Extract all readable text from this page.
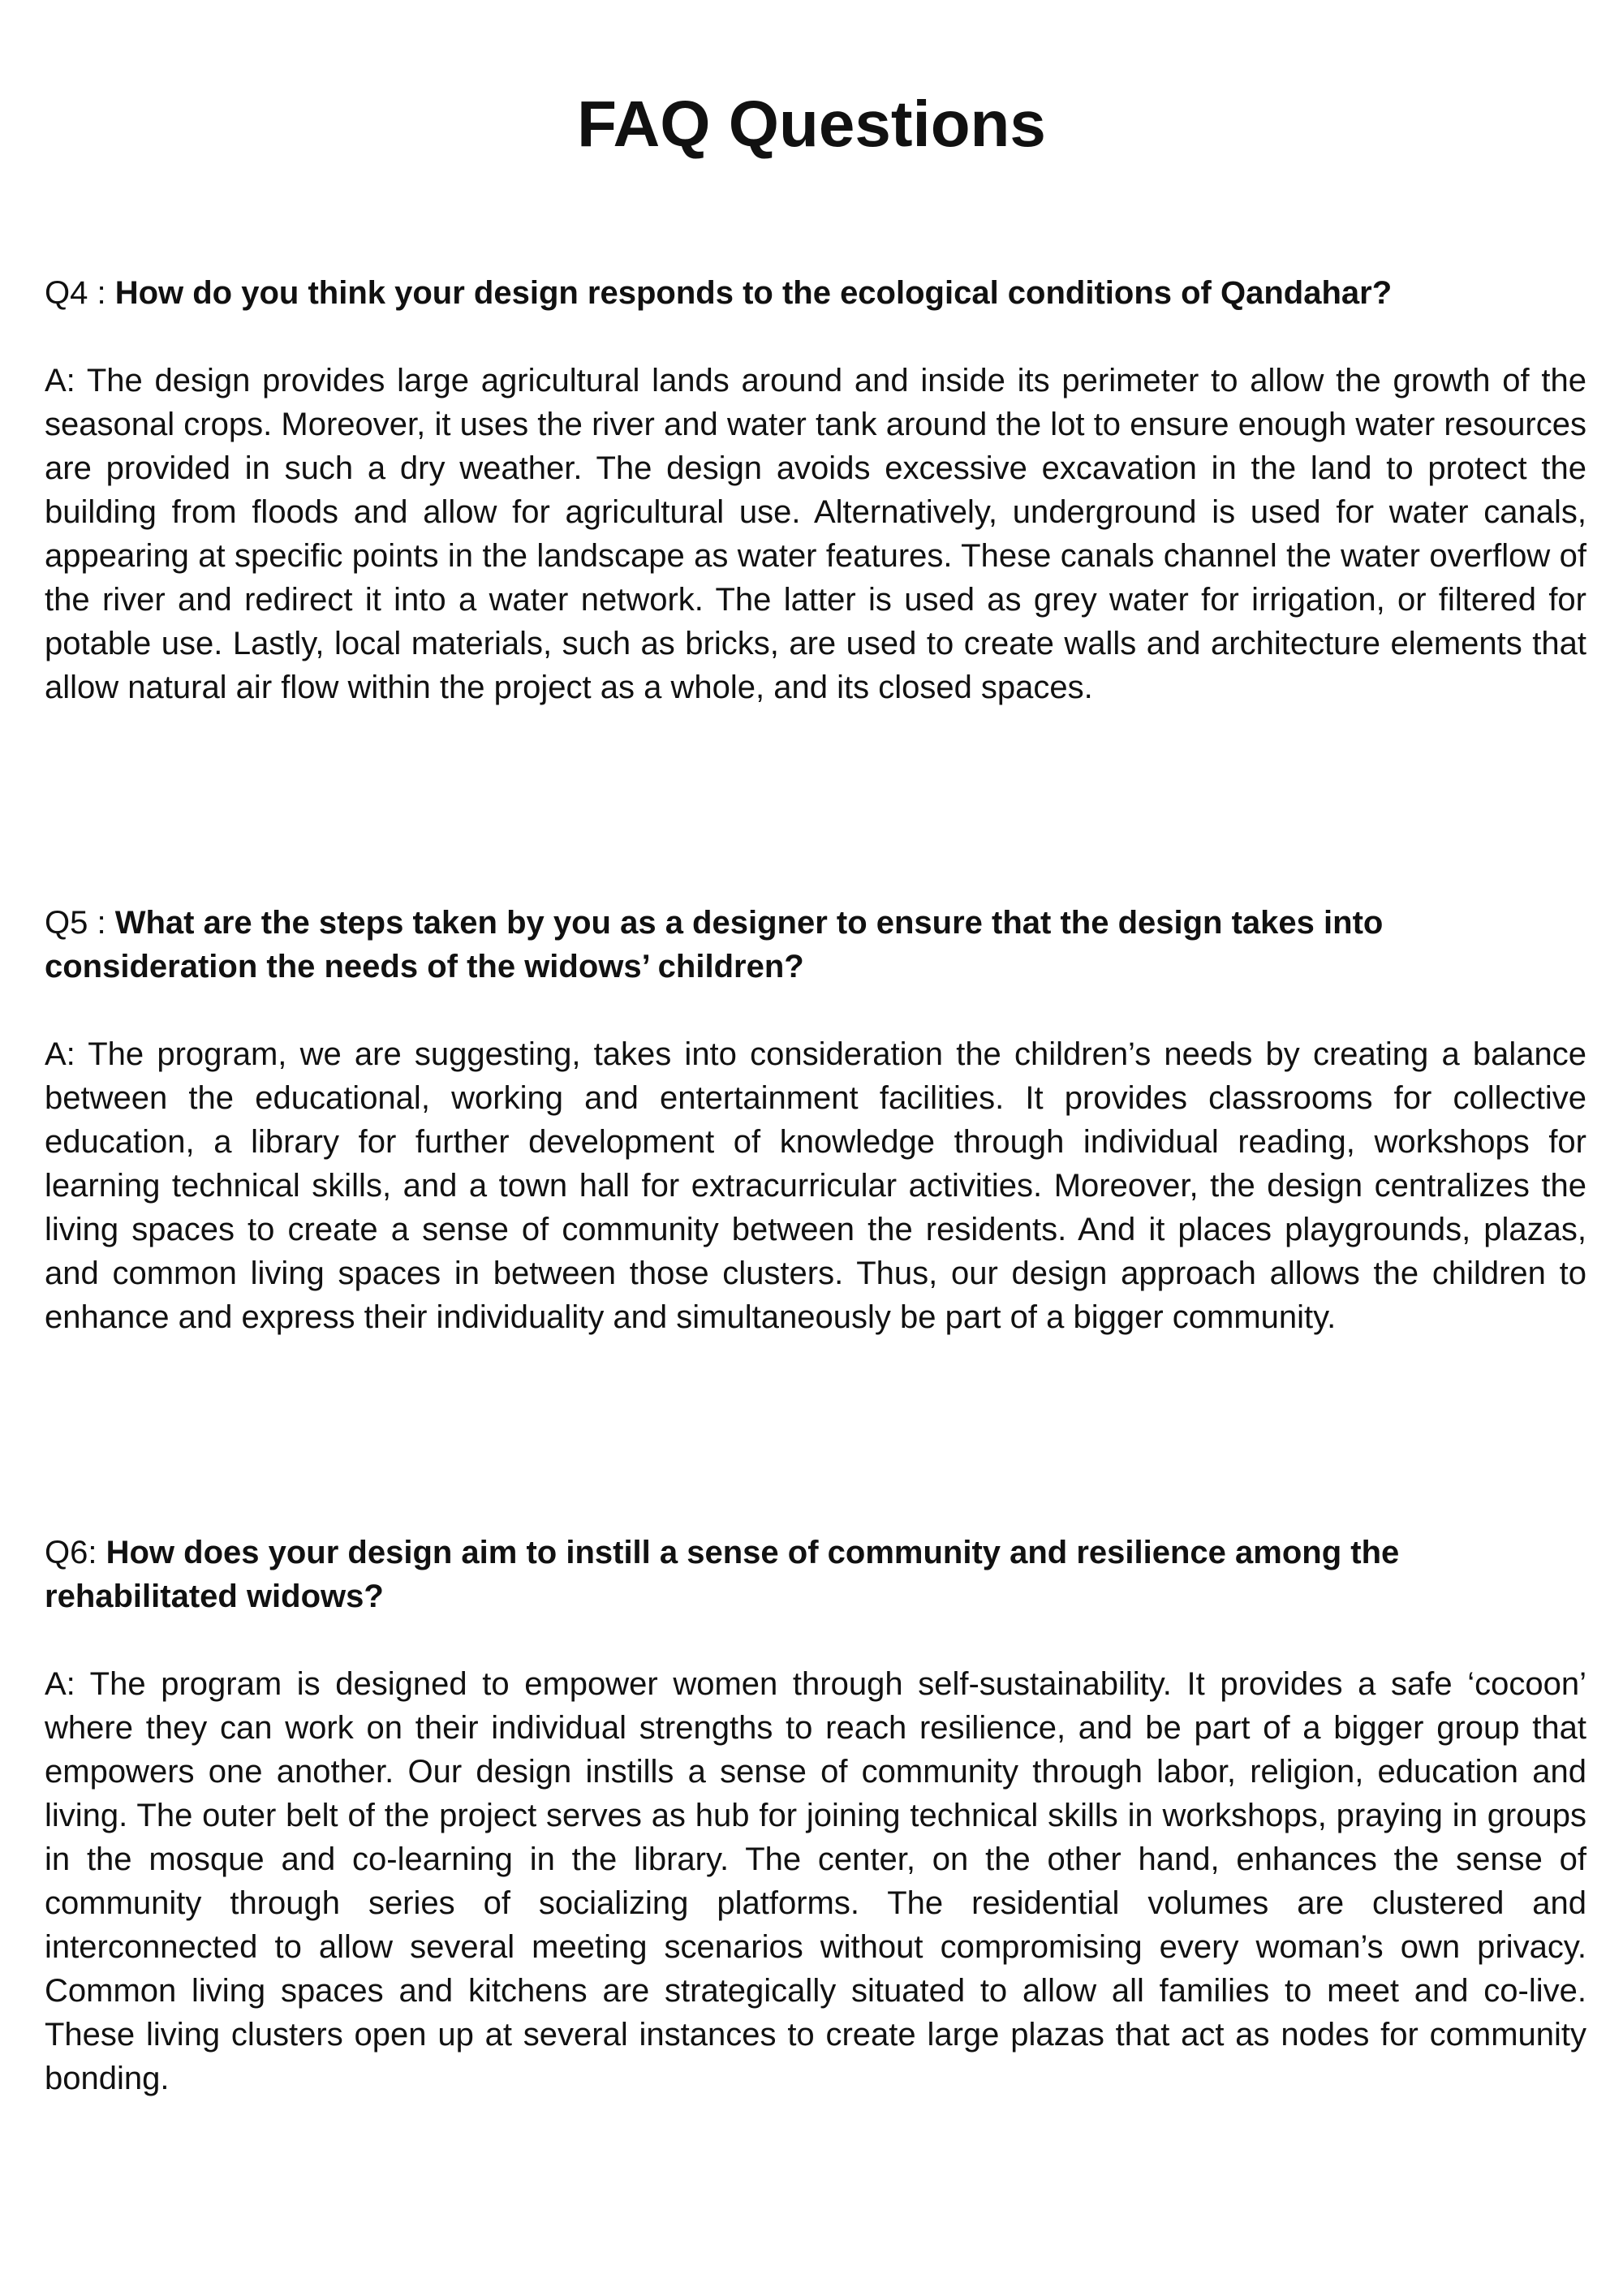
FAQ Questions

Q4 : How do you think your design responds to the ecological conditions of Qandahar?

A: The design provides large agricultural lands around and inside its perimeter to allow the growth of the seasonal crops. Moreover, it uses the river and water tank around the lot to ensure enough water resources are provided in such a dry weather. The design avoids excessive excavation in the land to protect the building from floods and allow for agricultural use. Alternatively, underground is used for water canals, appearing at specific points in the landscape as water features. These canals channel the water overflow of the river and redirect it into a water network. The latter is used as grey water for irrigation, or filtered for potable use. Lastly, local materials, such as bricks, are used to create walls and architecture elements that allow natural air flow within the project as a whole, and its closed spaces.

Q5 : What are the steps taken by you as a designer to ensure that the design takes into consideration the needs of the widows’ children?

A: The program, we are suggesting, takes into consideration the children’s needs by creating a balance between the educational, working and entertainment facilities. It provides classrooms for collective education, a library for further development of knowledge through individual reading, workshops for learning technical skills, and a town hall for extracurricular activities. Moreover, the design centralizes the living spaces to create a sense of community between the residents. And it places playgrounds, plazas, and common living spaces in between those clusters. Thus, our design approach allows the children to enhance and express their individuality and simultaneously be part of a bigger community.

Q6: How does your design aim to instill a sense of community and resilience among the rehabilitated widows?

A: The program is designed to empower women through self-sustainability. It provides a safe ‘cocoon’ where they can work on their individual strengths to reach resilience, and be part of a bigger group that empowers one another. Our design instills a sense of community through labor, religion, education and living. The outer belt of the project serves as hub for joining technical skills in workshops, praying in groups in the mosque and co-learning in the library. The center, on the other hand, enhances the sense of community through series of socializing platforms. The residential volumes are clustered and interconnected to allow several meeting scenarios without compromising every woman’s own privacy. Common living spaces and kitchens are strategically situated to allow all families to meet and co-live. These living clusters open up at several instances to create large plazas that act as nodes for community bonding.
